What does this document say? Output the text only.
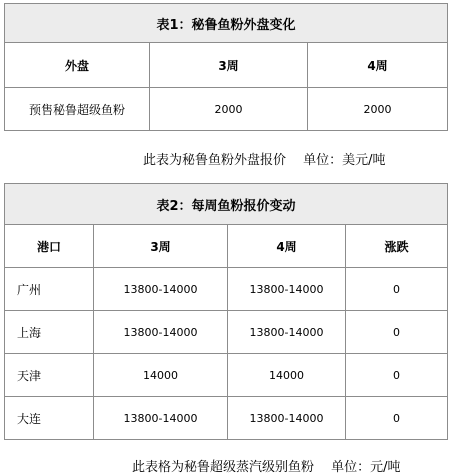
表1：秘鲁鱼粉外盘变化		
外盘	3周	4周
预售秘鲁超级鱼粉	2000	2000
此表为秘鲁鱼粉外盘报价　 单位：美元/吨
表2：每周鱼粉报价变动			
港口	3周	4周	涨跌
广州	13800-14000	13800-14000	0
上海	13800-14000	13800-14000	0
天津	14000	14000	0
大连	13800-14000	13800-14000	0
此表格为秘鲁超级蒸汽级别鱼粉　 单位：元/吨
